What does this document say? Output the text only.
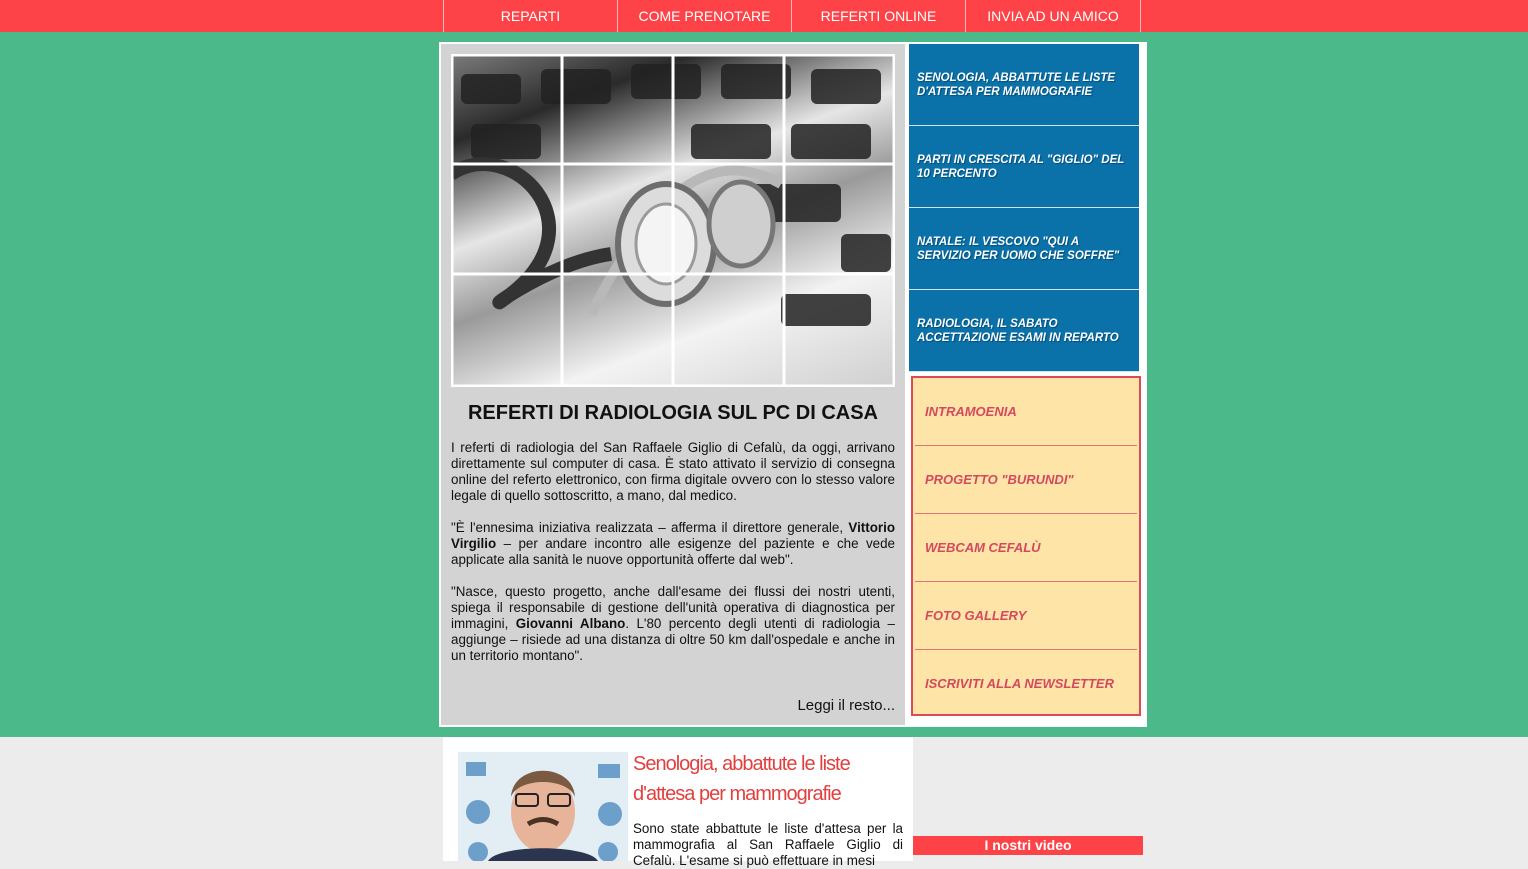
REPARTI	COME PRENOTARE	REFERTI ONLINE	INVIA AD UN AMICO
REFERTI DI RADIOLOGIA SUL PC DI CASA

I referti di radiologia del San Raffaele Giglio di Cefalù, da oggi, arrivano direttamente sul computer di casa. È stato attivato il servizio di consegna online del referto elettronico, con firma digitale ovvero con lo stesso valore legale di quello sottoscritto, a mano, dal medico.

"È l'ennesima iniziativa realizzata – afferma il direttore generale, Vittorio Virgilio – per andare incontro alle esigenze del paziente e che vede applicate alla sanità le nuove opportunità offerte dal web".

"Nasce, questo progetto, anche dall'esame dei flussi dei nostri utenti, spiega il responsabile di gestione dell'unità operativa di diagnostica per immagini, Giovanni Albano. L'80 percento degli utenti di radiologia – aggiunge – risiede ad una distanza di oltre 50 km dall'ospedale e anche in un territorio montano".

Leggi il resto...
SENOLOGIA, ABBATTUTE LE LISTE D'ATTESA PER MAMMOGRAFIE
PARTI IN CRESCITA AL "GIGLIO" DEL 10 PERCENTO
NATALE: IL VESCOVO "QUI A SERVIZIO PER UOMO CHE SOFFRE"
RADIOLOGIA, IL SABATO ACCETTAZIONE ESAMI IN REPARTO
INTRAMOENIA
PROGETTO "BURUNDI"
WEBCAM CEFALÙ
FOTO GALLERY
ISCRIVITI ALLA NEWSLETTER
Senologia, abbattute le liste d'attesa per mammografie
Sono state abbattute le liste d'attesa per la mammografia al San Raffaele Giglio di Cefalù. L'esame si può effettuare in mesi
I nostri video
